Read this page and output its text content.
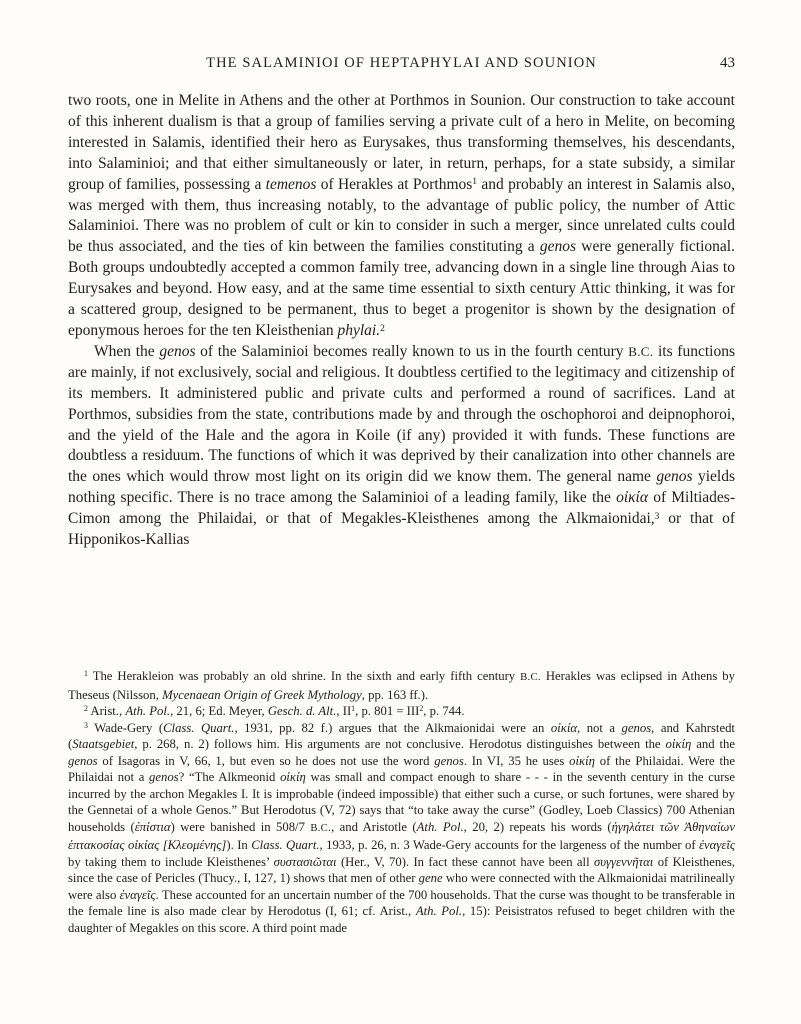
THE SALAMINIOI OF HEPTAPHYLAI AND SOUNION	43

two roots, one in Melite in Athens and the other at Porthmos in Sounion. Our construction to take account of this inherent dualism is that a group of families serving a private cult of a hero in Melite, on becoming interested in Salamis, identified their hero as Eurysakes, thus transforming themselves, his descendants, into Salaminioi; and that either simultaneously or later, in return, perhaps, for a state subsidy, a similar group of families, possessing a temenos of Herakles at Porthmos$^1$ and probably an interest in Salamis also, was merged with them, thus increasing notably, to the advantage of public policy, the number of Attic Salaminioi. There was no problem of cult or kin to consider in such a merger, since unrelated cults could be thus associated, and the ties of kin between the families constituting a genos were generally fictional. Both groups undoubtedly accepted a common family tree, advancing down in a single line through Aias to Eurysakes and beyond. How easy, and at the same time essential to sixth century Attic thinking, it was for a scattered group, designed to be permanent, thus to beget a progenitor is shown by the designation of eponymous heroes for the ten Kleisthenian phylai.$^2$

When the genos of the Salaminioi becomes really known to us in the fourth century B.C. its functions are mainly, if not exclusively, social and religious. It doubtless certified to the legitimacy and citizenship of its members. It administered public and private cults and performed a round of sacrifices. Land at Porthmos, subsidies from the state, contributions made by and through the oschophoroi and deipnophoroi, and the yield of the Hale and the agora in Koile (if any) provided it with funds. These functions are doubtless a residuum. The functions of which it was deprived by their canalization into other channels are the ones which would throw most light on its origin did we know them. The general name genos yields nothing specific. There is no trace among the Salaminioi of a leading family, like the οἰκία of Miltiades-Cimon among the Philaidai, or that of Megakles-Kleisthenes among the Alkmaionidai,$^3$ or that of Hipponikos-Kallias

$^1$ The Herakleion was probably an old shrine. In the sixth and early fifth century B.C. Herakles was eclipsed in Athens by Theseus (Nilsson, Mycenaean Origin of Greek Mythology, pp. 163 ff.).

$^2$ Arist., Ath. Pol., 21, 6; Ed. Meyer, Gesch. d. Alt., $II^1$, p. $801 = III^2$, p. 744.

$^3$ Wade-Gery (Class. Quart., 1931, pp. 82 f.) argues that the Alkmaionidai were an οἰκία, not a genos, and Kahrstedt (Staatsgebiet, p. 268, n. 2) follows him. His arguments are not conclusive. Herodotus distinguishes between the οἰκίη and the genos of Isagoras in V, 66, 1, but even so he does not use the word genos. In VI, 35 he uses οἰκίη of the Philaidai. Were the Philaidai not a genos? “The Alkmeonid οἰκίη was small and compact enough to share - - - in the seventh century in the curse incurred by the archon Megakles I. It is improbable (indeed impossible) that either such a curse, or such fortunes, were shared by the Gennetai of a whole Genos.” But Herodotus (V, 72) says that “to take away the curse” (Godley, Loeb Classics) 700 Athenian households (ἐπίστια) were banished in 508/7 B.C., and Aristotle (Ath. Pol., 20, 2) repeats his words (ἡγηλάτει τῶν Ἀθηναίων ἑπτακοσίας οἰκίας [Κλεομένης]). In Class. Quart., 1933, p. 26, n. 3 Wade-Gery accounts for the largeness of the number of ἐναγεῖς by taking them to include Kleisthenes’ συστασιῶται (Her., V, 70). In fact these cannot have been all συγγεννῆται of Kleisthenes, since the case of Pericles (Thucy., I, 127, 1) shows that men of other gene who were connected with the Alkmaionidai matrilineally were also ἐναγεῖς. These accounted for an uncertain number of the 700 households. That the curse was thought to be transferable in the female line is also made clear by Herodotus (I, 61; cf. Arist., Ath. Pol., 15): Peisistratos refused to beget children with the daughter of Megakles on this score. A third point made
